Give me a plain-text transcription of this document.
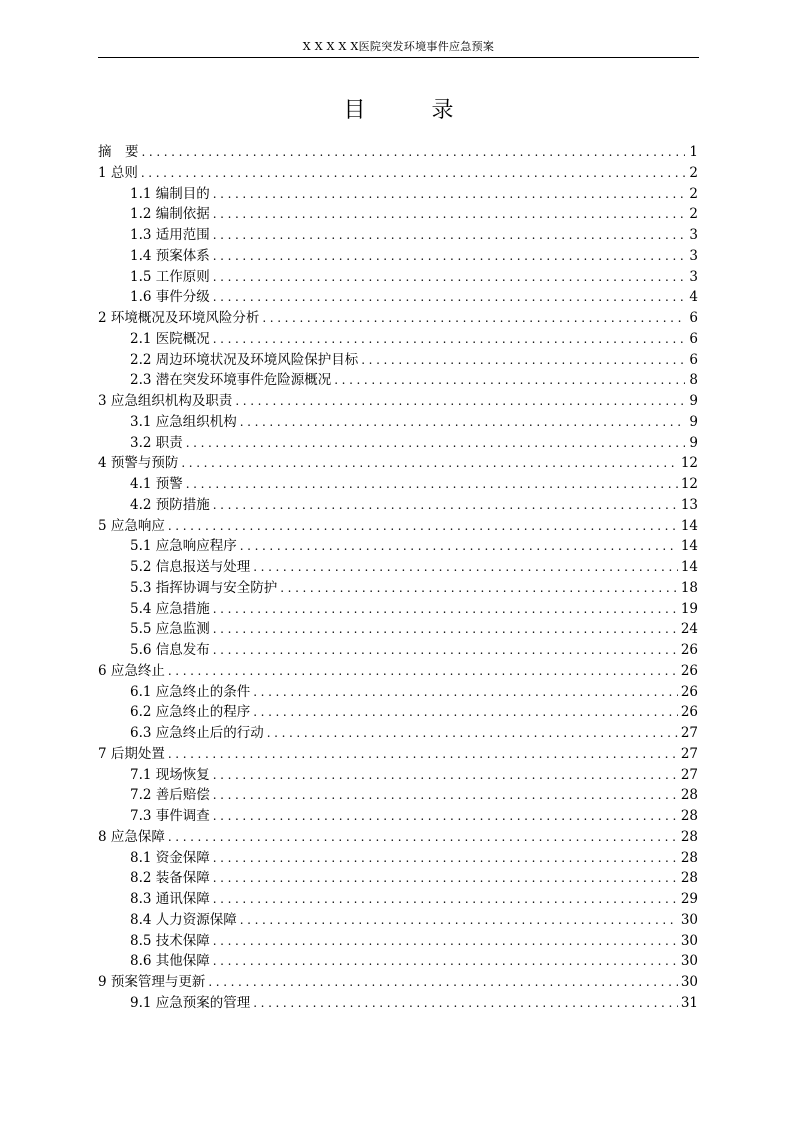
X X X X X医院突发环境事件应急预案
目　录
摘　要 .....	1
1 总则 .....	2
1.1 编制目的 .....	2
1.2 编制依据 .....	2
1.3 适用范围 .....	3
1.4 预案体系 .....	3
1.5 工作原则 .....	3
1.6 事件分级 .....	4
2 环境概况及环境风险分析 .....	6
2.1 医院概况 .....	6
2.2 周边环境状况及环境风险保护目标 .....	6
2.3 潜在突发环境事件危险源概况 .....	8
3 应急组织机构及职责 .....	9
3.1 应急组织机构 .....	9
3.2 职责 .....	9
4 预警与预防 .....	12
4.1 预警 .....	12
4.2 预防措施 .....	13
5 应急响应 .....	14
5.1 应急响应程序 .....	14
5.2 信息报送与处理 .....	14
5.3 指挥协调与安全防护 .....	18
5.4 应急措施 .....	19
5.5 应急监测 .....	24
5.6 信息发布 .....	26
6 应急终止 .....	26
6.1 应急终止的条件 .....	26
6.2 应急终止的程序 .....	26
6.3 应急终止后的行动 .....	27
7 后期处置 .....	27
7.1 现场恢复 .....	27
7.2 善后赔偿 .....	28
7.3 事件调查 .....	28
8 应急保障 .....	28
8.1 资金保障 .....	28
8.2 装备保障 .....	28
8.3 通讯保障 .....	29
8.4 人力资源保障 .....	30
8.5 技术保障 .....	30
8.6 其他保障 .....	30
9 预案管理与更新 .....	30
9.1 应急预案的管理 .....	31
